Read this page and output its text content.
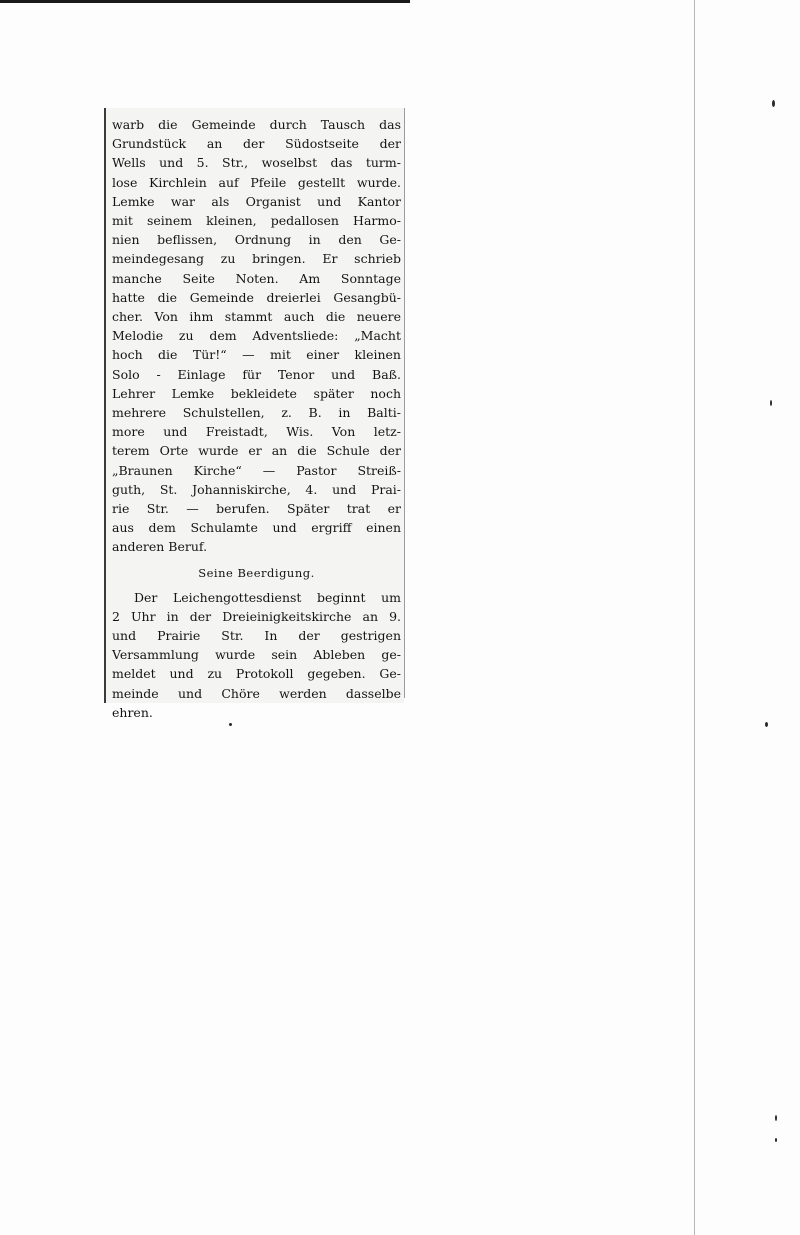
warb die Gemeinde durch Tausch das
Grundstück an der Südostseite der
Wells und 5. Str., woselbst das turm-
lose Kirchlein auf Pfeile gestellt wurde.
Lemke war als Organist und Kantor
mit seinem kleinen, pedallosen Harmo-
nien beflissen, Ordnung in den Ge-
meindegesang zu bringen. Er schrieb
manche Seite Noten. Am Sonntage
hatte die Gemeinde dreierlei Gesangbü-
cher. Von ihm stammt auch die neuere
Melodie zu dem Adventsliede: „Macht
hoch die Tür!“ — mit einer kleinen
Solo - Einlage für Tenor und Baß.
Lehrer Lemke bekleidete später noch
mehrere Schulstellen, z. B. in Balti-
more und Freistadt, Wis. Von letz-
terem Orte wurde er an die Schule der
„Braunen Kirche“ — Pastor Streiß-
guth, St. Johanniskirche, 4. und Prai-
rie Str. — berufen. Später trat er
aus dem Schulamte und ergriff einen
anderen Beruf.
Seine Beerdigung.
Der Leichengottesdienst beginnt um
2 Uhr in der Dreieinigkeitskirche an 9.
und Prairie Str. In der gestrigen
Versammlung wurde sein Ableben ge-
meldet und zu Protokoll gegeben. Ge-
meinde und Chöre werden dasselbe
ehren.
